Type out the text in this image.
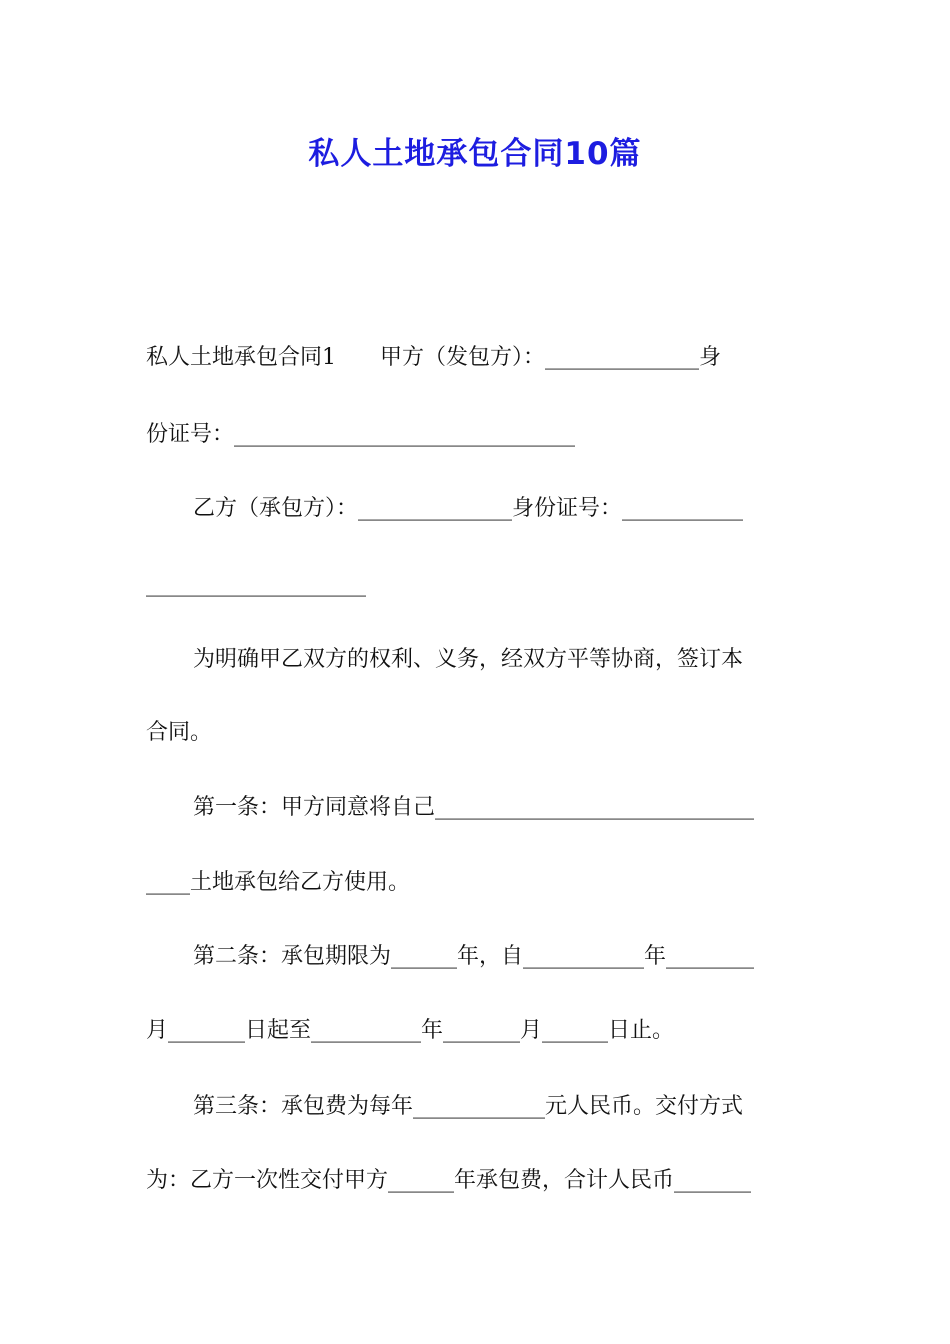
私人土地承包合同10篇
私人土地承包合同1　　甲方（发包方）：______________身
份证号：_______________________________
乙方（承包方）：______________身份证号：___________
____________________
为明确甲乙双方的权利、义务，经双方平等协商，签订本
合同。
第一条：甲方同意将自己_____________________________
____土地承包给乙方使用。
第二条：承包期限为______年，自___________年________
月_______日起至__________年_______月______日止。
第三条：承包费为每年____________元人民币。交付方式
为：乙方一次性交付甲方______年承包费，合计人民币_______
